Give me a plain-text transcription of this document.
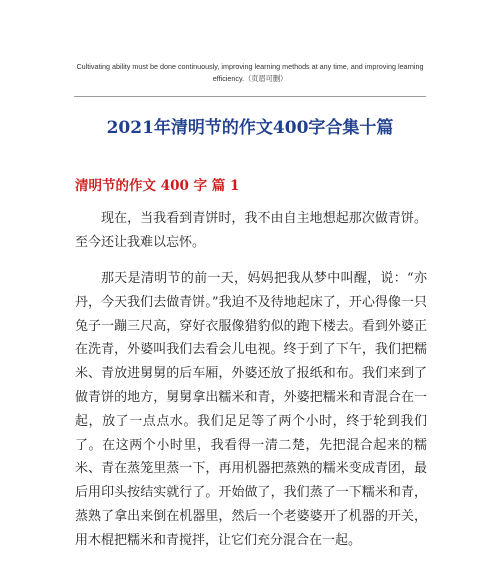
Cultivating ability must be done continuously, improving learning methods at any time, and improving learning efficiency.（页眉可删）
2021年清明节的作文400字合集十篇
清明节的作文 400 字 篇 1

现在，当我看到青饼时，我不由自主地想起那次做青饼。至今还让我难以忘怀。

那天是清明节的前一天，妈妈把我从梦中叫醒，说：“亦丹，今天我们去做青饼。”我迫不及待地起床了，开心得像一只兔子一蹦三尺高，穿好衣服像猎豹似的跑下楼去。看到外婆正在洗青，外婆叫我们去看会儿电视。终于到了下午，我们把糯米、青放进舅舅的后车厢，外婆还放了报纸和布。我们来到了做青饼的地方，舅舅拿出糯米和青，外婆把糯米和青混合在一起，放了一点点水。我们足足等了两个小时，终于轮到我们了。在这两个小时里，我看得一清二楚，先把混合起来的糯米、青在蒸笼里蒸一下，再用机器把蒸熟的糯米变成青团，最后用印头按结实就行了。开始做了，我们蒸了一下糯米和青，蒸熟了拿出来倒在机器里，然后一个老婆婆开了机器的开关，用木棍把糯米和青搅拌，让它们充分混合在一起。
